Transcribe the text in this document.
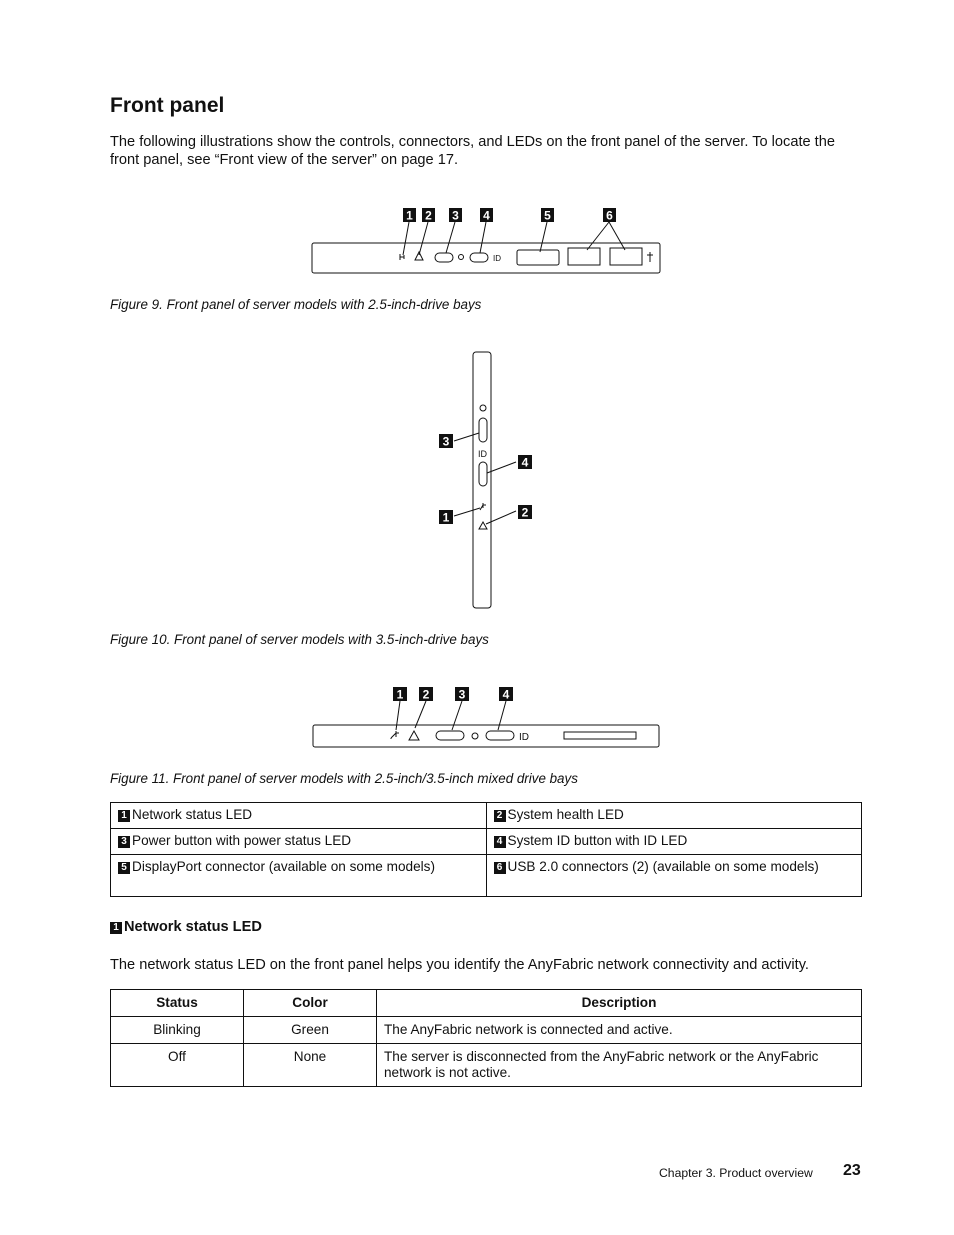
Front panel

The following illustrations show the controls, connectors, and LEDs on the front panel of the server. To locate the front panel, see “Front view of the server” on page 17.

1 2 3 4	5	6
ID

Figure 9. Front panel of server models with 2.5-inch-drive bays

ID
3
4
1	2

Figure 10. Front panel of server models with 3.5-inch-drive bays

1 2 3	4
ID

Figure 11. Front panel of server models with 2.5-inch/3.5-inch mixed drive bays

1 Network status LED	2 System health LED
3 Power button with power status LED	4 System ID button with ID LED
5 DisplayPort connector (available on some models)	6 USB 2.0 connectors (2) (available on some models)

1 Network status LED

The network status LED on the front panel helps you identify the AnyFabric network connectivity and activity.

Status	Color	Description
Blinking	Green	The AnyFabric network is connected and active.
Off	None	The server is disconnected from the AnyFabric network or the AnyFabric network is not active.
Chapter 3. Product overview 23
